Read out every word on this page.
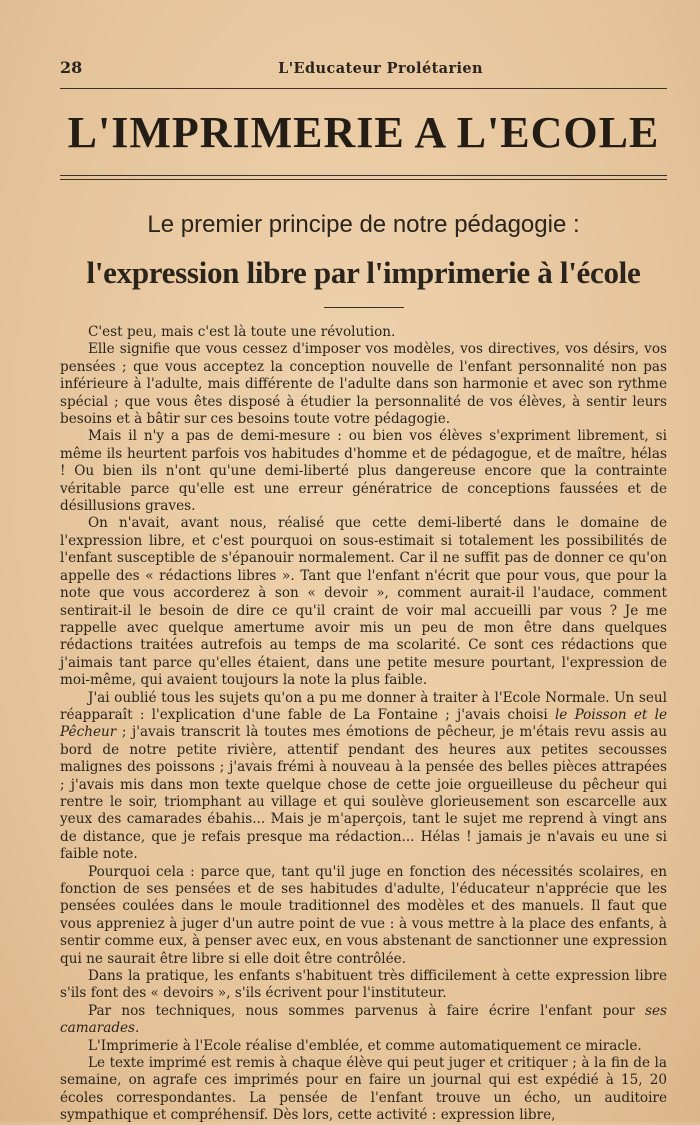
28	L'Educateur Prolétarien
L'IMPRIMERIE A L'ECOLE
Le premier principe de notre pédagogie :
l'expression libre par l'imprimerie à l'école

C'est peu, mais c'est là toute une révolution.

Elle signifie que vous cessez d'imposer vos modèles, vos directives, vos désirs, vos pensées ; que vous acceptez la conception nouvelle de l'enfant personnalité non pas inférieure à l'adulte, mais différente de l'adulte dans son harmonie et avec son rythme spécial ; que vous êtes disposé à étudier la personnalité de vos élèves, à sentir leurs besoins et à bâtir sur ces besoins toute votre pédagogie.

Mais il n'y a pas de demi-mesure : ou bien vos élèves s'expriment librement, si même ils heurtent parfois vos habitudes d'homme et de pédagogue, et de maître, hélas ! Ou bien ils n'ont qu'une demi-liberté plus dangereuse encore que la contrainte véritable parce qu'elle est une erreur génératrice de conceptions faussées et de désillusions graves.

On n'avait, avant nous, réalisé que cette demi-liberté dans le domaine de l'expression libre, et c'est pourquoi on sous-estimait si totalement les possibilités de l'enfant susceptible de s'épanouir normalement. Car il ne suffit pas de donner ce qu'on appelle des « rédactions libres ». Tant que l'enfant n'écrit que pour vous, que pour la note que vous accorderez à son « devoir », comment aurait-il l'audace, comment sentirait-il le besoin de dire ce qu'il craint de voir mal accueilli par vous ? Je me rappelle avec quelque amertume avoir mis un peu de mon être dans quelques rédactions traitées autrefois au temps de ma scolarité. Ce sont ces rédactions que j'aimais tant parce qu'elles étaient, dans une petite mesure pourtant, l'expression de moi-même, qui avaient toujours la note la plus faible.

J'ai oublié tous les sujets qu'on a pu me donner à traiter à l'Ecole Normale. Un seul réapparaît : l'explication d'une fable de La Fontaine ; j'avais choisi le Poisson et le Pêcheur ; j'avais transcrit là toutes mes émotions de pêcheur, je m'étais revu assis au bord de notre petite rivière, attentif pendant des heures aux petites secousses malignes des poissons ; j'avais frémi à nouveau à la pensée des belles pièces attrapées ; j'avais mis dans mon texte quelque chose de cette joie orgueilleuse du pêcheur qui rentre le soir, triomphant au village et qui soulève glorieusement son escarcelle aux yeux des camarades ébahis... Mais je m'aperçois, tant le sujet me reprend à vingt ans de distance, que je refais presque ma rédaction... Hélas ! jamais je n'avais eu une si faible note.

Pourquoi cela : parce que, tant qu'il juge en fonction des nécessités scolaires, en fonction de ses pensées et de ses habitudes d'adulte, l'éducateur n'apprécie que les pensées coulées dans le moule traditionnel des modèles et des manuels. Il faut que vous appreniez à juger d'un autre point de vue : à vous mettre à la place des enfants, à sentir comme eux, à penser avec eux, en vous abstenant de sanctionner une expression qui ne saurait être libre si elle doit être contrôlée.

Dans la pratique, les enfants s'habituent très difficilement à cette expression libre s'ils font des « devoirs », s'ils écrivent pour l'instituteur.

Par nos techniques, nous sommes parvenus à faire écrire l'enfant pour ses camarades.

L'Imprimerie à l'Ecole réalise d'emblée, et comme automatiquement ce miracle.

Le texte imprimé est remis à chaque élève qui peut juger et critiquer ; à la fin de la semaine, on agrafe ces imprimés pour en faire un journal qui est expédié à 15, 20 écoles correspondantes. La pensée de l'enfant trouve un écho, un auditoire sympathique et compréhensif. Dès lors, cette activité : expression libre,
